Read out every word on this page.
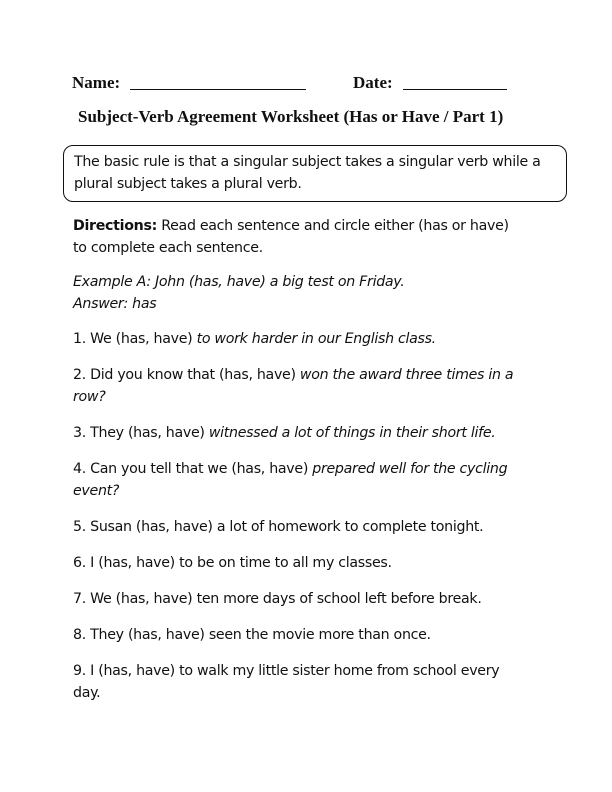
Name:	Date:
Subject-Verb Agreement Worksheet (Has or Have / Part 1)
The basic rule is that a singular subject takes a singular verb while a plural subject takes a plural verb.

Directions: Read each sentence and circle either (has or have)

to complete each sentence.

Example A: John (has, have) a big test on Friday.

Answer: has

1. We (has, have) to work harder in our English class.

2. Did you know that (has, have) won the award three times in a

row?

3. They (has, have) witnessed a lot of things in their short life.

4. Can you tell that we (has, have) prepared well for the cycling

event?

5. Susan (has, have) a lot of homework to complete tonight.

6. I (has, have) to be on time to all my classes.

7. We (has, have) ten more days of school left before break.

8. They (has, have) seen the movie more than once.

9. I (has, have) to walk my little sister home from school every

day.
